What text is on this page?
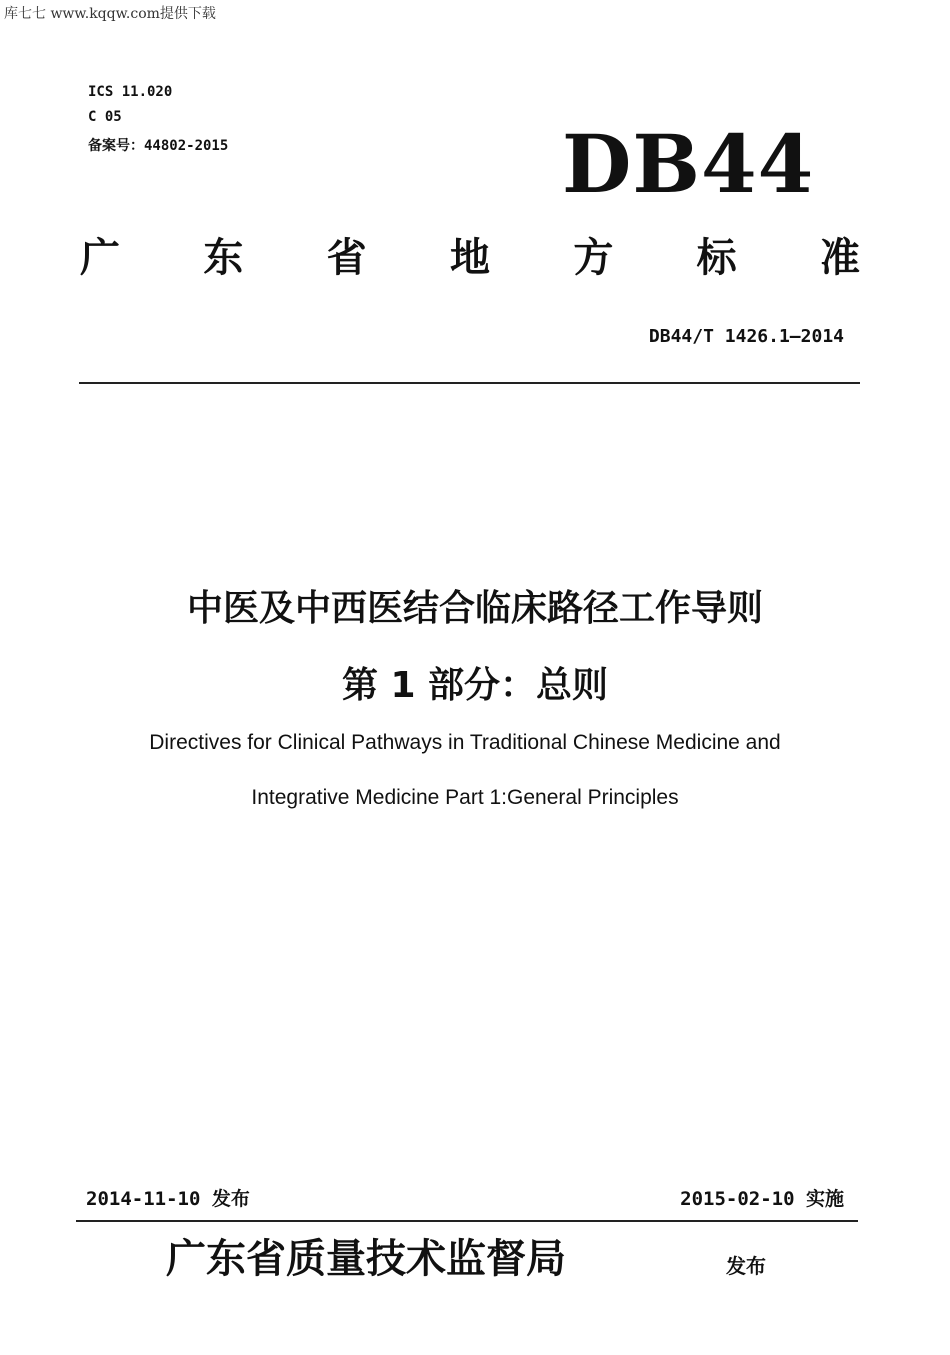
库七七 www.kqqw.com提供下载
ICS 11.020
C 05
备案号：44802-2015	DB44
广 东 省 地 方 标 准
DB44/T 1426.1—2014
中医及中西医结合临床路径工作导则
第 1 部分：总则
Directives for Clinical Pathways in Traditional Chinese Medicine and
Integrative Medicine Part 1:General Principles
2014-11-10 发布	2015-02-10 实施
广东省质量技术监督局	发布
